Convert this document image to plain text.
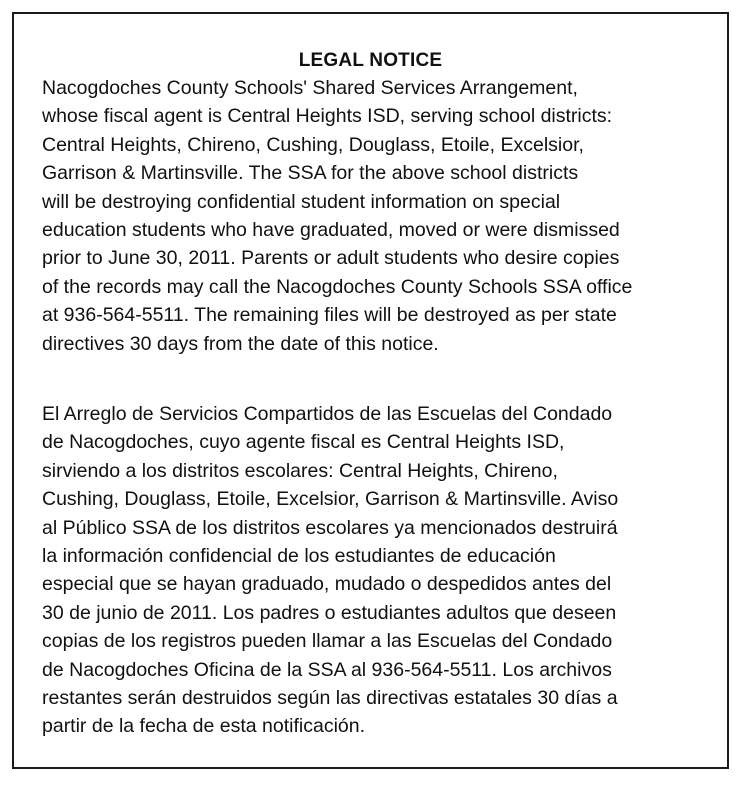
LEGAL NOTICE

Nacogdoches County Schools' Shared Services Arrangement,
whose fiscal agent is Central Heights ISD, serving school districts:
Central Heights, Chireno, Cushing, Douglass, Etoile, Excelsior,
Garrison & Martinsville. The SSA for the above school districts
will be destroying confidential student information on special
education students who have graduated, moved or were dismissed
prior to June 30, 2011. Parents or adult students who desire copies
of the records may call the Nacogdoches County Schools SSA office
at 936-564-5511. The remaining files will be destroyed as per state
directives 30 days from the date of this notice.

El Arreglo de Servicios Compartidos de las Escuelas del Condado
de Nacogdoches, cuyo agente fiscal es Central Heights ISD,
sirviendo a los distritos escolares: Central Heights, Chireno,
Cushing, Douglass, Etoile, Excelsior, Garrison & Martinsville. Aviso
al Público SSA de los distritos escolares ya mencionados destruirá
la información confidencial de los estudiantes de educación
especial que se hayan graduado, mudado o despedidos antes del
30 de junio de 2011. Los padres o estudiantes adultos que deseen
copias de los registros pueden llamar a las Escuelas del Condado
de Nacogdoches Oficina de la SSA al 936-564-5511. Los archivos
restantes serán destruidos según las directivas estatales 30 días a
partir de la fecha de esta notificación.
